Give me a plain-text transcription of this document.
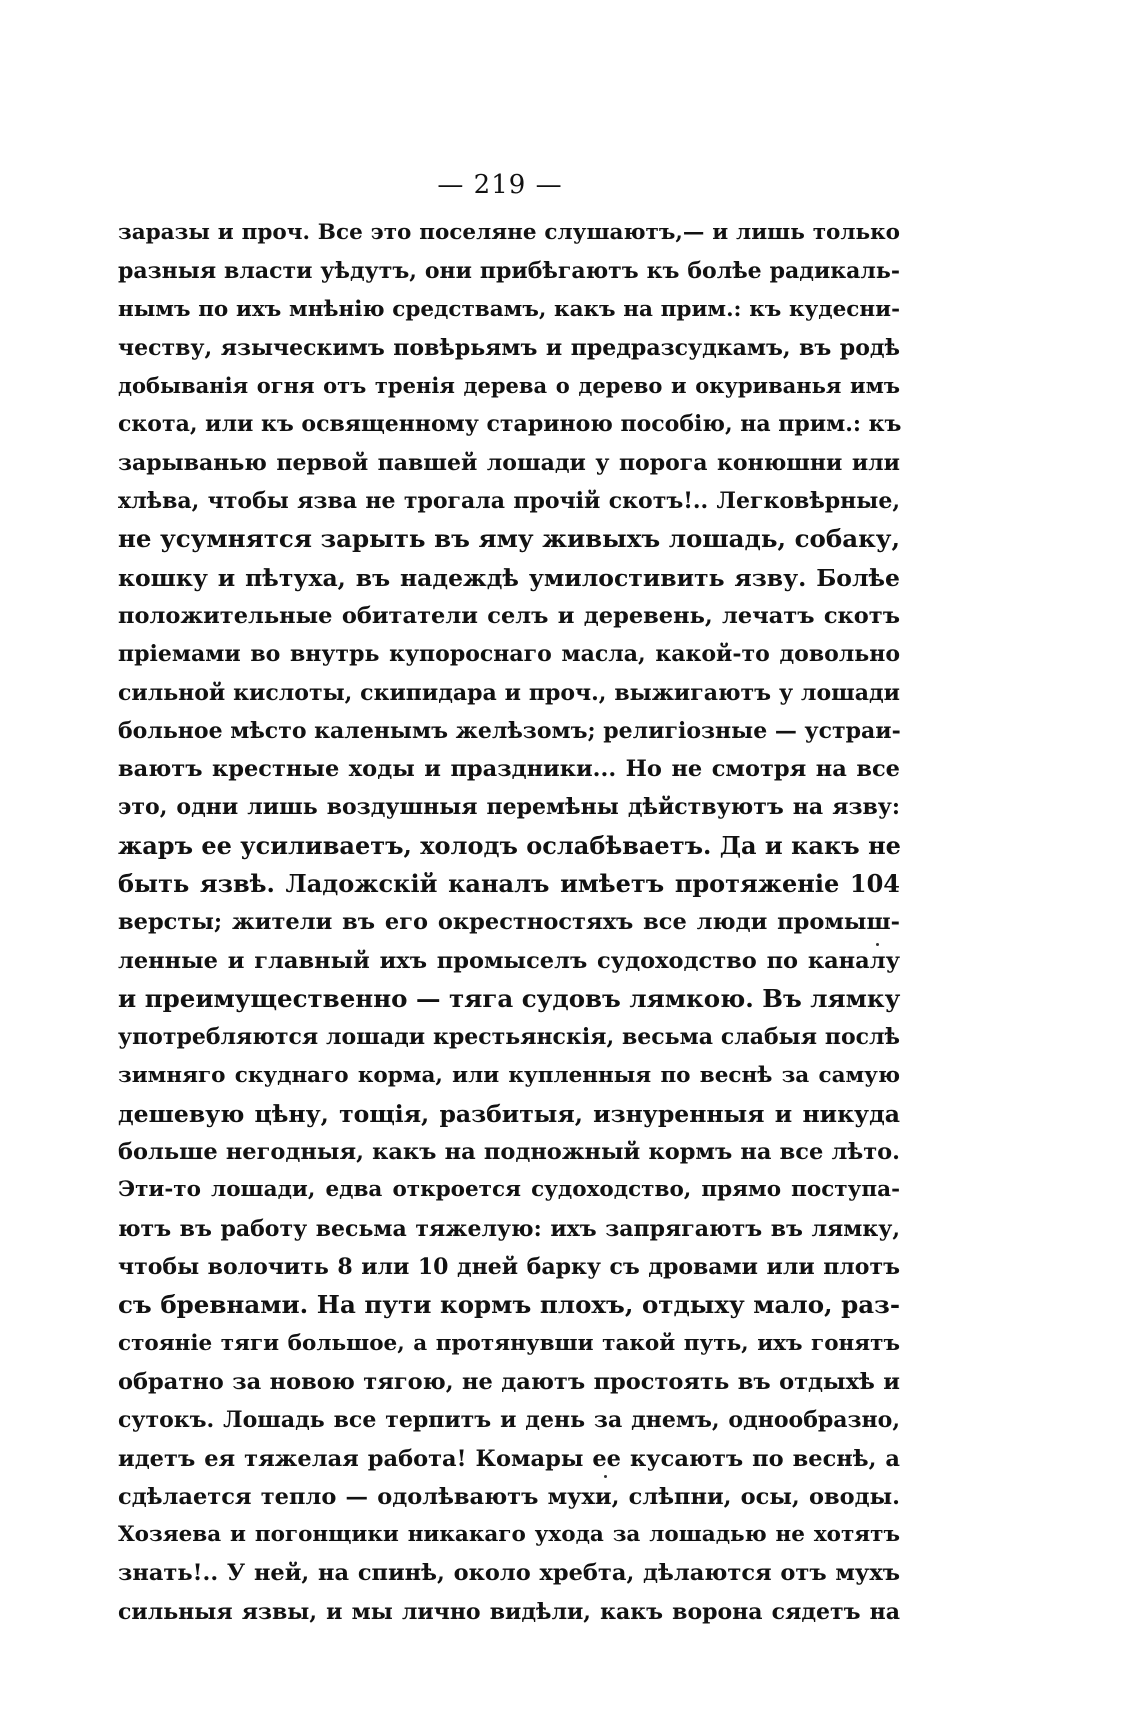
— 219 —
заразы и проч. Все это поселяне слушаютъ,— и лишь только
разныя власти уѣдутъ, они прибѣгаютъ къ болѣе радикаль-
нымъ по ихъ мнѣнію средствамъ, какъ на прим.: къ кудесни-
честву, языческимъ повѣрьямъ и предразсудкамъ, въ родѣ
добыванія огня отъ тренія дерева о дерево и окуриванья имъ
скота, или къ освященному стариною пособію, на прим.: къ
зарыванью первой павшей лошади у порога конюшни или
хлѣва, чтобы язва не трогала прочій скотъ!.. Легковѣрные,
не усумнятся зарыть въ яму живыхъ лошадь, собаку,
кошку и пѣтуха, въ надеждѣ умилостивить язву. Болѣе
положительные обитатели селъ и деревень, лечатъ скотъ
пріемами во внутрь купороснаго масла, какой-то довольно
сильной кислоты, скипидара и проч., выжигаютъ у лошади
больное мѣсто каленымъ желѣзомъ; религіозные — устраи-
ваютъ крестные ходы и праздники... Но не смотря на все
это, одни лишь воздушныя перемѣны дѣйствуютъ на язву:
жаръ ее усиливаетъ, холодъ ослабѣваетъ. Да и какъ не
быть язвѣ. Ладожскій каналъ имѣетъ протяженіе 104
версты; жители въ его окрестностяхъ все люди промыш-
ленные и главный ихъ промыселъ судоходство по каналу
и преимущественно — тяга судовъ лямкою. Въ лямку
употребляются лошади крестьянскія, весьма слабыя послѣ
зимняго скуднаго корма, или купленныя по веснѣ за самую
дешевую цѣну, тощія, разбитыя, изнуренныя и никуда
больше негодныя, какъ на подножный кормъ на все лѣто.
Эти-то лошади, едва откроется судоходство, прямо поступа-
ютъ въ работу весьма тяжелую: ихъ запрягаютъ въ лямку,
чтобы волочить 8 или 10 дней барку съ дровами или плотъ
съ бревнами. На пути кормъ плохъ, отдыху мало, раз-
стояніе тяги большое, а протянувши такой путь, ихъ гонятъ
обратно за новою тягою, не даютъ простоять въ отдыхѣ и
сутокъ. Лошадь все терпитъ и день за днемъ, однообразно,
идетъ ея тяжелая работа! Комары ее кусаютъ по веснѣ, а
сдѣлается тепло — одолѣваютъ мухи, слѣпни, осы, оводы.
Хозяева и погонщики никакаго ухода за лошадью не хотятъ
знать!.. У ней, на спинѣ, около хребта, дѣлаются отъ мухъ
сильныя язвы, и мы лично видѣли, какъ ворона сядетъ на
